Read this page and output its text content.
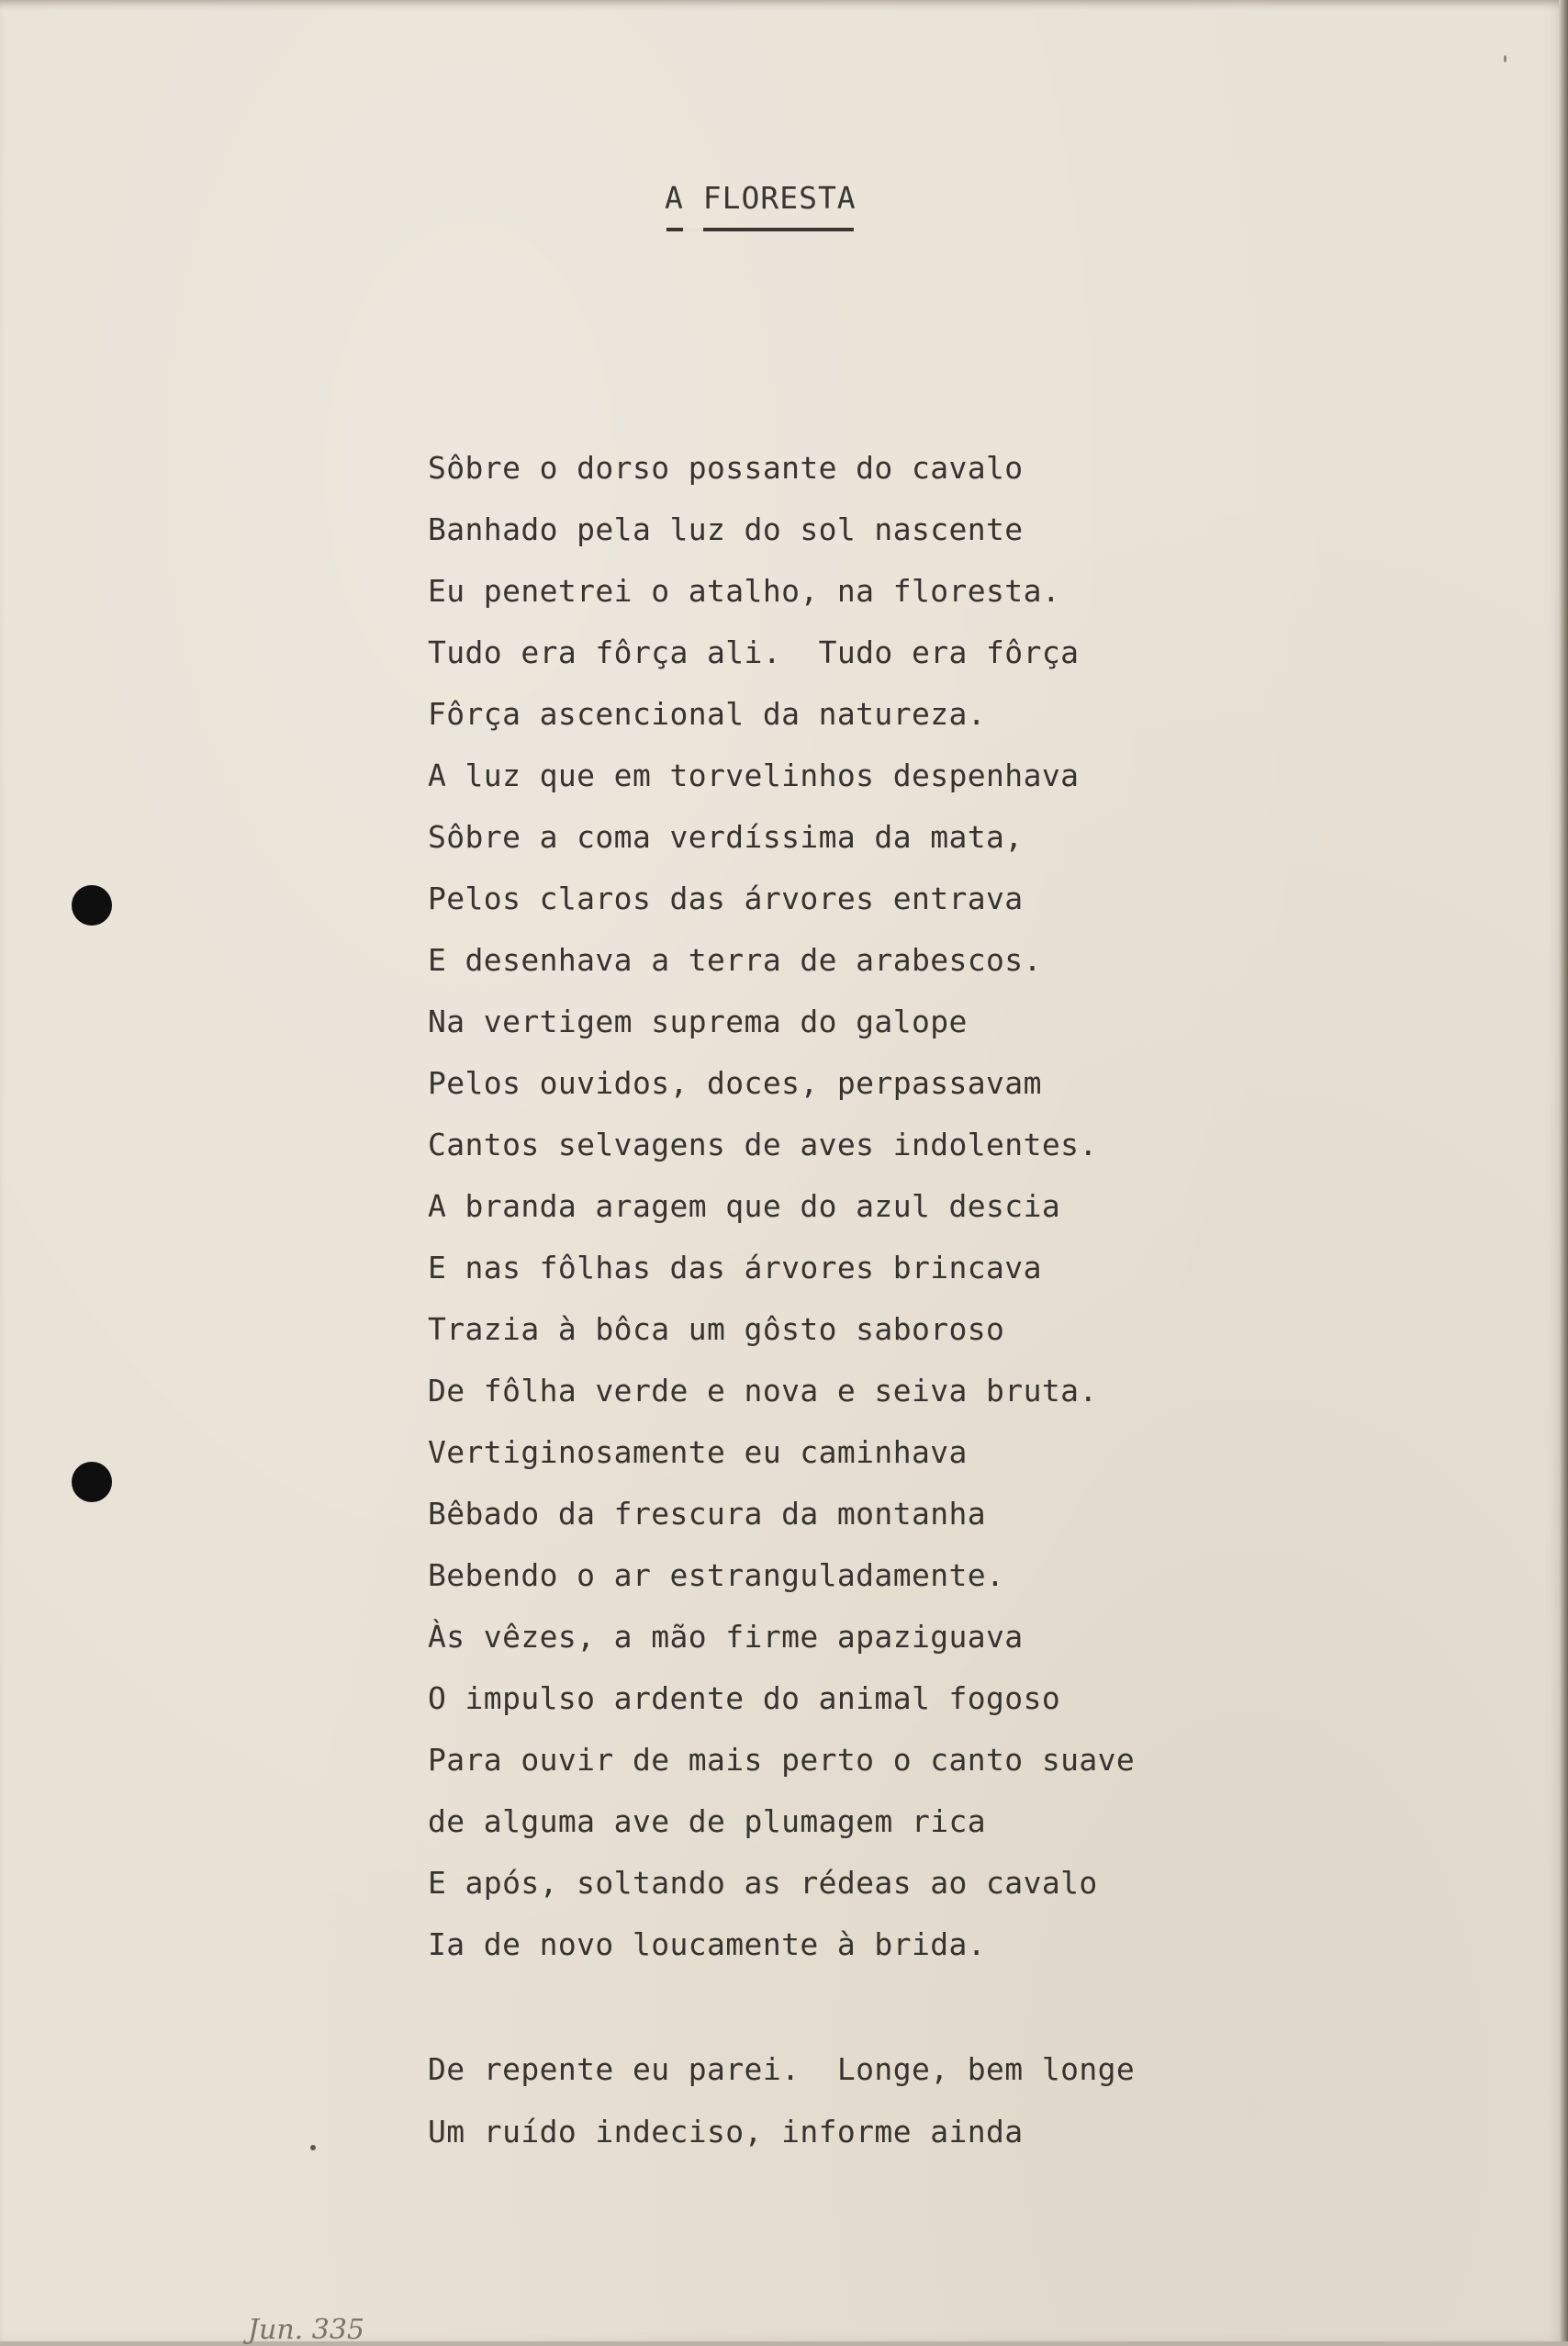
A FLORESTA
Sôbre o dorso possante do cavalo
Banhado pela luz do sol nascente
Eu penetrei o atalho, na floresta.
Tudo era fôrça ali.  Tudo era fôrça
Fôrça ascencional da natureza.
A luz que em torvelinhos despenhava
Sôbre a coma verdíssima da mata,
Pelos claros das árvores entrava
E desenhava a terra de arabescos.
Na vertigem suprema do galope
Pelos ouvidos, doces, perpassavam
Cantos selvagens de aves indolentes.
A branda aragem que do azul descia
E nas fôlhas das árvores brincava
Trazia à bôca um gôsto saboroso
De fôlha verde e nova e seiva bruta.
Vertiginosamente eu caminhava
Bêbado da frescura da montanha
Bebendo o ar estranguladamente.
Às vêzes, a mão firme apaziguava
O impulso ardente do animal fogoso
Para ouvir de mais perto o canto suave
de alguma ave de plumagem rica
E após, soltando as rédeas ao cavalo
Ia de novo loucamente à brida.
De repente eu parei.  Longe, bem longe
Um ruído indeciso, informe ainda
Jun. 335
